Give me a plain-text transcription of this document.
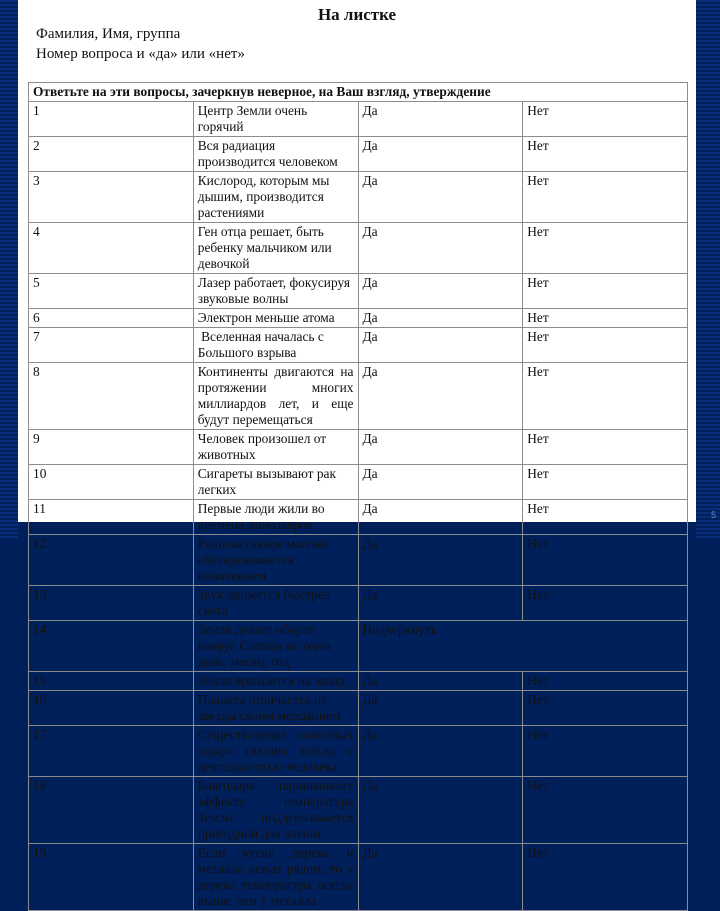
На листке
Фамилия, Имя, группа
Номер вопроса и «да» или «нет»
Ответьте на эти вопросы, зачеркнув неверное, на Ваш взгляд, утверждение			
1	Центр Земли очень горячий	Да	Нет
2	Вся радиация производится человеком	Да	Нет
3	Кислород, которым мы дышим, производится растениями	Да	Нет
4	Ген отца решает, быть ребенку мальчиком или девочкой	Да	Нет
5	Лазер работает, фокусируя звуковые волны	Да	Нет
6	Электрон меньше атома	Да	Нет
7	Вселенная началась с Большого взрыва	Да	Нет
8	Континенты двигаются на протяжении многих миллиардов лет, и еще будут перемещаться	Да	Нет
9	Человек произошел от животных	Да	Нет
10	Сигареты вызывают рак легких	Да	Нет
11	Первые люди жили во времена динозавров	Да	Нет
12	Радиоактивное молоко обезвреживается кипячением	Да	Нет
13	Звук движется быстрее света	Да	Нет
14	Земля делает оборот вокруг Солнца за: один день, месяц, год	Подчеркнуть	
15	Земля вращается на запад	Да	Нет
16	Планета отличается от звезды своим мерцанием	Да	Нет
17	Существование озоновых «дыр» связано только с деятельностью человека	Да	Нет
18	Благодаря парниковому эффекту температура Земли поддерживается пригодной для жизни	Да	Нет
19	Если куски дерева и металла лежат рядом, то у дерева температура всегда выше, чем у металла	Да	Нет
5
